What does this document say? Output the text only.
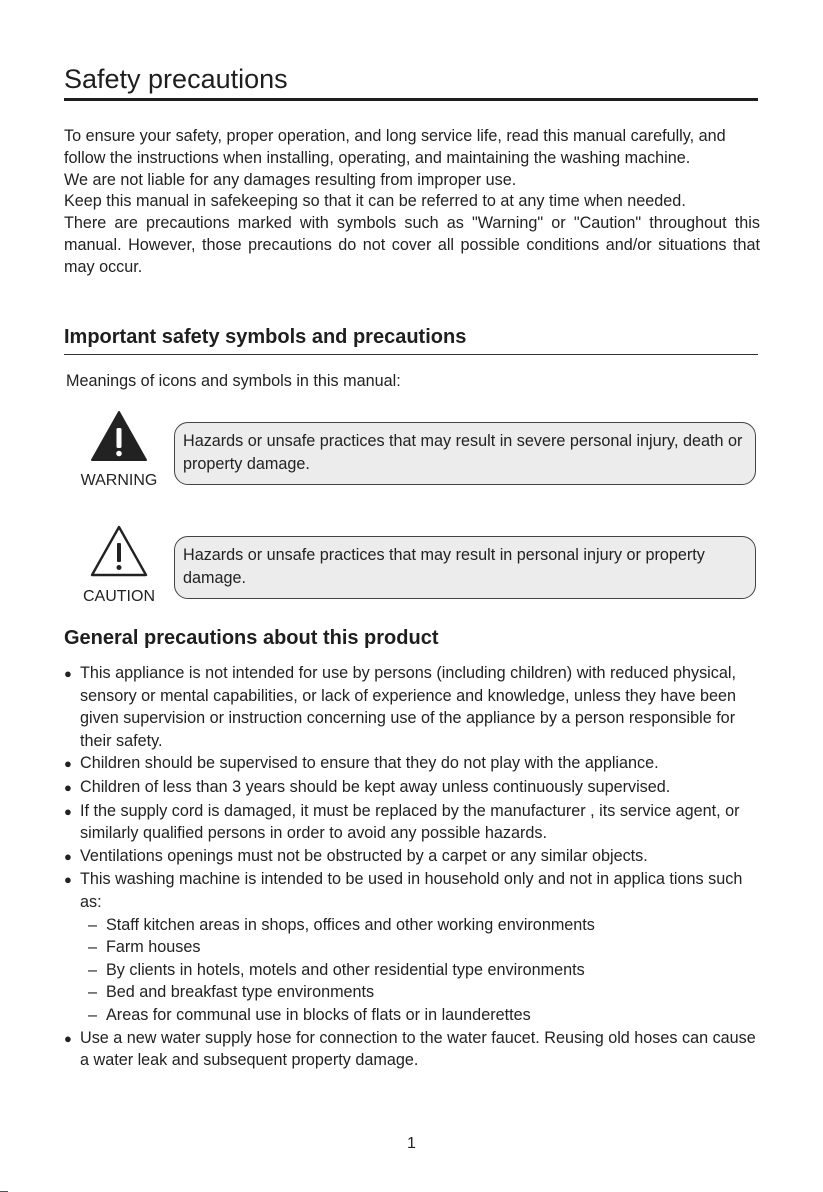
Safety precautions

To ensure your safety, proper operation, and long service life, read this manual carefully, and follow the instructions when installing, operating, and maintaining the washing machine.

We are not liable for any damages resulting from improper use.

Keep this manual in safekeeping so that it can be referred to at any time when needed.

There are precautions marked with symbols such as "Warning" or "Caution" throughout this manual. However, those precautions do not cover all possible conditions and/or situations that may occur.

Important safety symbols and precautions
Meanings of icons and symbols in this manual:
WARNING
Hazards or unsafe practices that may result in severe personal injury, death or property damage.
CAUTION
Hazards or unsafe practices that may result in personal injury or property damage.
General precautions about this product
● This appliance is not intended for use by persons (including children) with reduced physical, sensory or mental capabilities, or lack of experience and knowledge, unless they have been given supervision or instruction concerning use of the appliance by a person responsible for their safety.
● Children should be supervised to ensure that they do not play with the appliance.
● Children of less than 3 years should be kept away unless continuously supervised.
● If the supply cord is damaged, it must be replaced by the manufacturer , its service agent, or similarly qualified persons in order to avoid any possible hazards.
● Ventilations openings must not be obstructed by a carpet or any similar objects.
● This washing machine is intended to be used in household only and not in applica tions such as:
– Staff kitchen areas in shops, offices and other working environments
– Farm houses
– By clients in hotels, motels and other residential type environments
– Bed and breakfast type environments
– Areas for communal use in blocks of flats or in launderettes
● Use a new water supply hose for connection to the water faucet. Reusing old hoses can cause a water leak and subsequent property damage.
1
